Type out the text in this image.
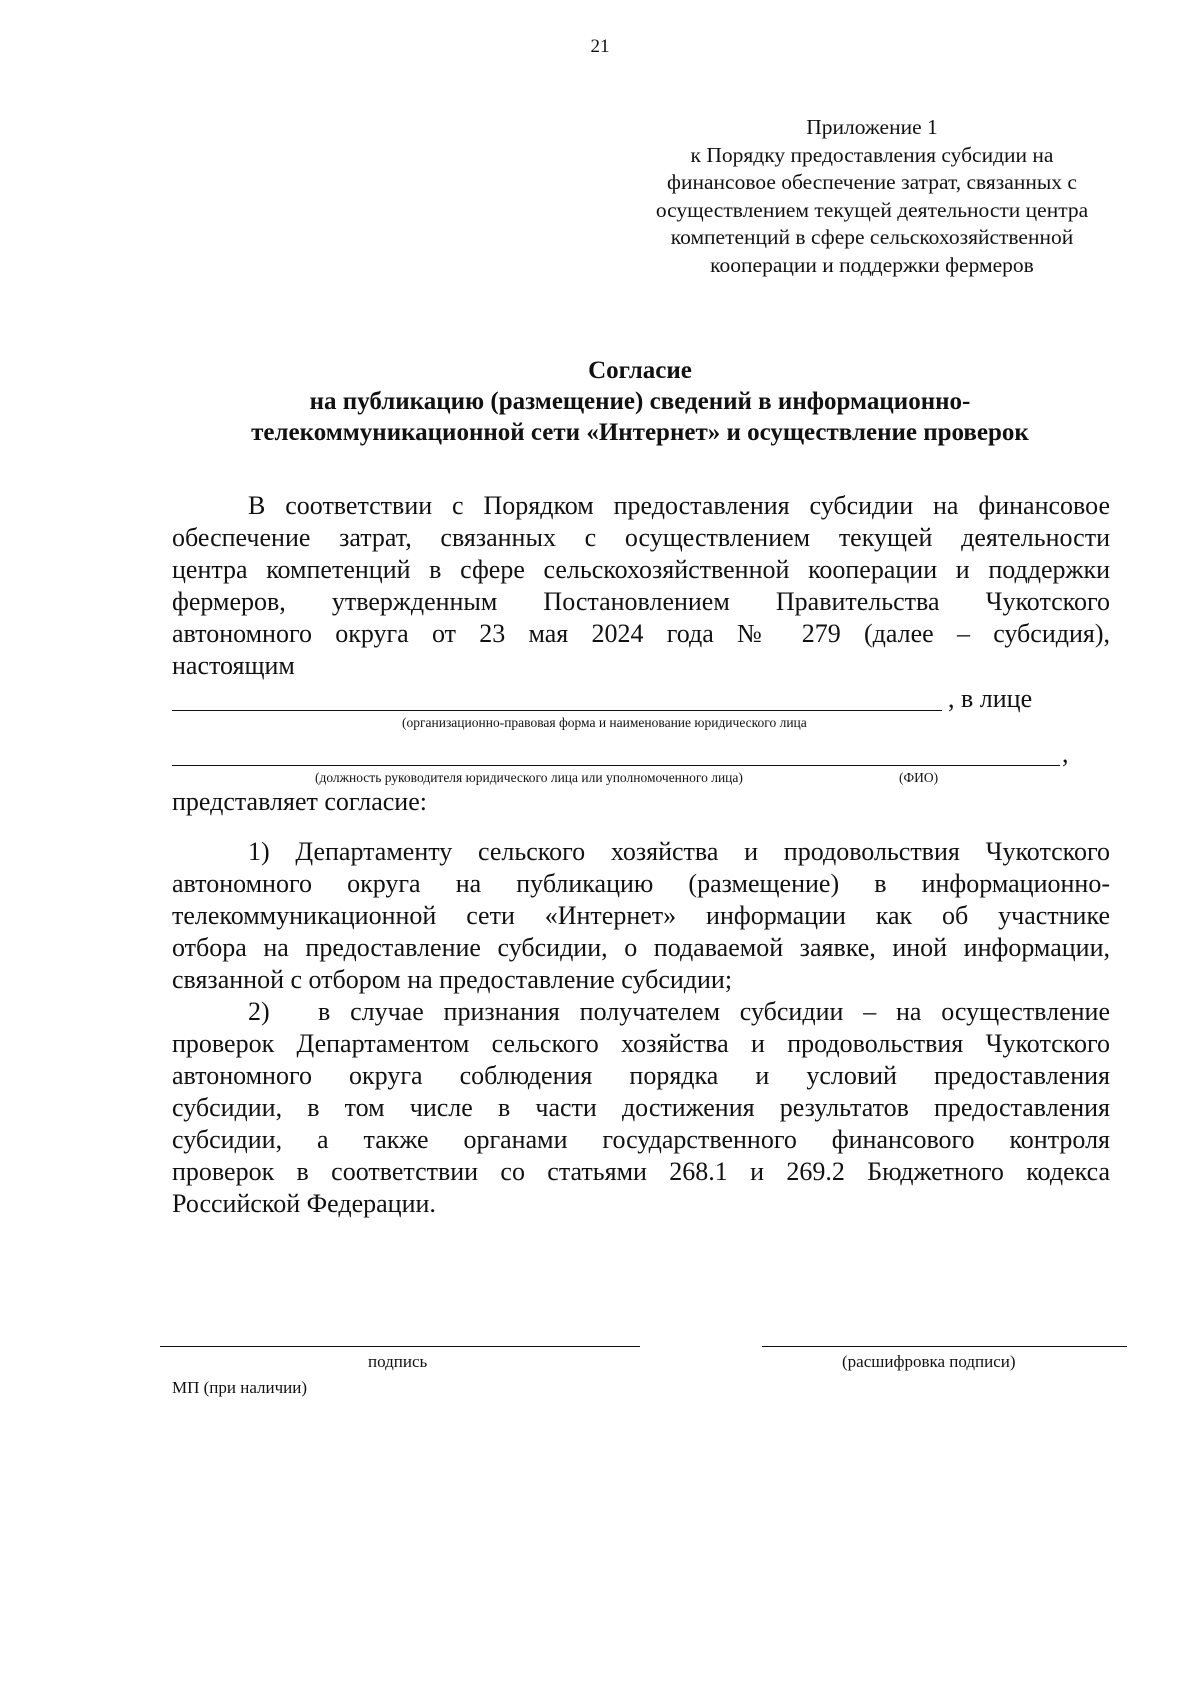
21
Приложение 1
к Порядку предоставления субсидии на
финансовое обеспечение затрат, связанных с
осуществлением текущей деятельности центра
компетенций в сфере сельскохозяйственной
кооперации и поддержки фермеров
Согласие
на публикацию (размещение) сведений в информационно-
телекоммуникационной сети «Интернет» и осуществление проверок
В соответствии с Порядком предоставления субсидии на финансовое
обеспечение затрат, связанных с осуществлением текущей деятельности
центра компетенций в сфере сельскохозяйственной кооперации и поддержки
фермеров, утвержденным Постановлением Правительства Чукотского
автономного округа от 23 мая 2024 года № 279 (далее – субсидия),
настоящим
, в лице
(организационно-правовая форма и наименование юридического лица
,
(должность руководителя юридического лица или уполномоченного лица)	(ФИО)
представляет согласие:
1) Департаменту сельского хозяйства и продовольствия Чукотского
автономного округа на публикацию (размещение) в информационно-
телекоммуникационной сети «Интернет» информации как об участнике
отбора на предоставление субсидии, о подаваемой заявке, иной информации,
связанной с отбором на предоставление субсидии;
2) в случае признания получателем субсидии – на осуществление
проверок Департаментом сельского хозяйства и продовольствия Чукотского
автономного округа соблюдения порядка и условий предоставления
субсидии, в том числе в части достижения результатов предоставления
субсидии, а также органами государственного финансового контроля
проверок в соответствии со статьями 268.1 и 269.2 Бюджетного кодекса
Российской Федерации.
подпись	(расшифровка подписи)
МП (при наличии)
